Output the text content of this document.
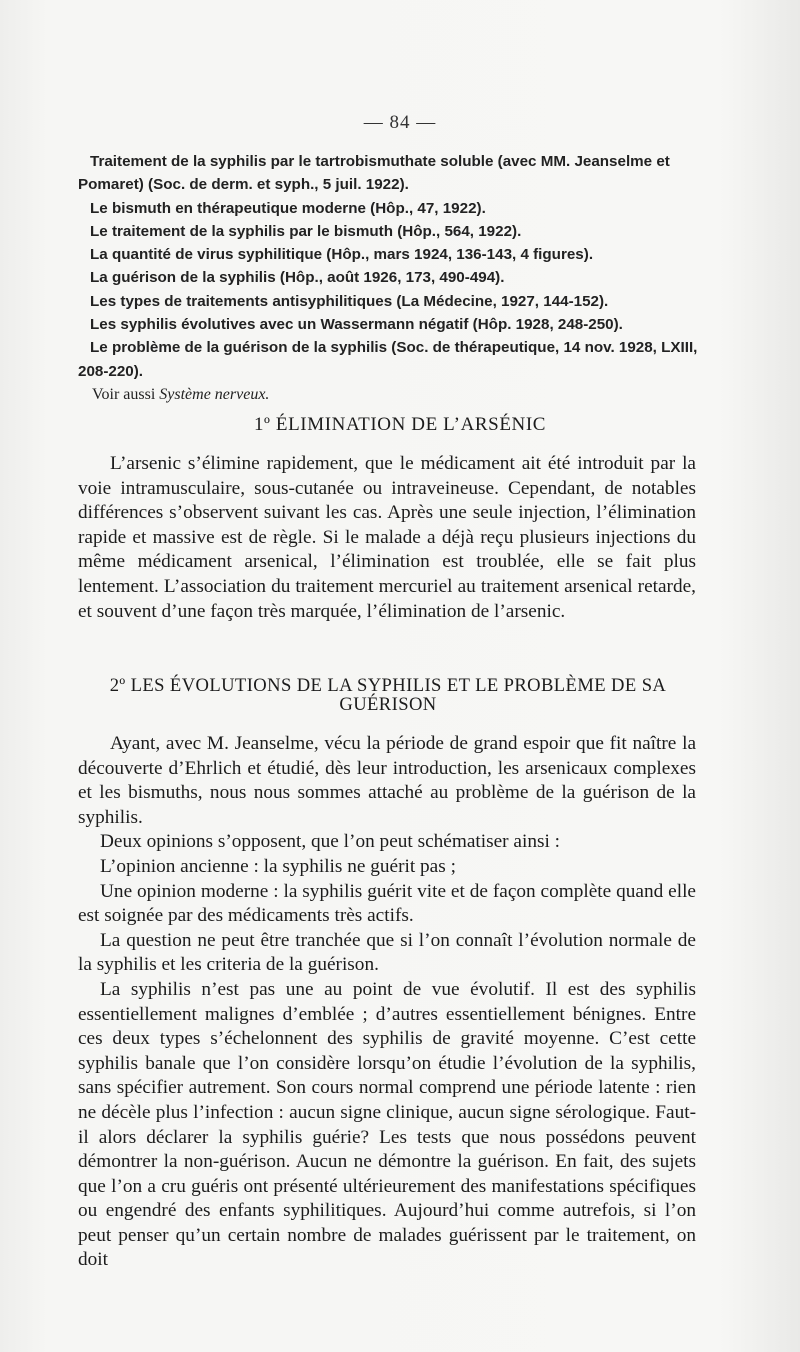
— 84 —

Traitement de la syphilis par le tartrobismuthate soluble (avec MM. Jeanselme et Pomaret) (Soc. de derm. et syph., 5 juil. 1922).

Le bismuth en thérapeutique moderne (Hôp., 47, 1922).

Le traitement de la syphilis par le bismuth (Hôp., 564, 1922).

La quantité de virus syphilitique (Hôp., mars 1924, 136-143, 4 figures).

La guérison de la syphilis (Hôp., août 1926, 173, 490-494).

Les types de traitements antisyphilitiques (La Médecine, 1927, 144-152).

Les syphilis évolutives avec un Wassermann négatif (Hôp. 1928, 248-250).

Le problème de la guérison de la syphilis (Soc. de thérapeutique, 14 nov. 1928, LXIII, 208-220).

Voir aussi Système nerveux.

1º ÉLIMINATION DE L’ARSÉNIC

L’arsenic s’élimine rapidement, que le médicament ait été introduit par la voie intramusculaire, sous-cutanée ou intraveineuse. Cependant, de notables différences s’observent suivant les cas. Après une seule injection, l’élimination rapide et massive est de règle. Si le malade a déjà reçu plusieurs injections du même médicament arsenical, l’élimination est troublée, elle se fait plus lentement. L’association du traitement mercuriel au traitement arsenical retarde, et souvent d’une façon très marquée, l’élimination de l’arsenic.

2º LES ÉVOLUTIONS DE LA SYPHILIS ET LE PROBLÈME DE SA GUÉRISON

Ayant, avec M. Jeanselme, vécu la période de grand espoir que fit naître la découverte d’Ehrlich et étudié, dès leur introduction, les arsenicaux complexes et les bismuths, nous nous sommes attaché au problème de la guérison de la syphilis.

Deux opinions s’opposent, que l’on peut schématiser ainsi :

L’opinion ancienne : la syphilis ne guérit pas ;

Une opinion moderne : la syphilis guérit vite et de façon complète quand elle est soignée par des médicaments très actifs.

La question ne peut être tranchée que si l’on connaît l’évolution normale de la syphilis et les criteria de la guérison.

La syphilis n’est pas une au point de vue évolutif. Il est des syphilis essentiellement malignes d’emblée ; d’autres essentiellement bénignes. Entre ces deux types s’échelonnent des syphilis de gravité moyenne. C’est cette syphilis banale que l’on considère lorsqu’on étudie l’évolution de la syphilis, sans spécifier autrement. Son cours normal comprend une période latente : rien ne décèle plus l’infection : aucun signe clinique, aucun signe sérologique. Faut-il alors déclarer la syphilis guérie? Les tests que nous possédons peuvent démontrer la non-guérison. Aucun ne démontre la guérison. En fait, des sujets que l’on a cru guéris ont présenté ultérieurement des manifestations spécifiques ou engendré des enfants syphilitiques. Aujourd’hui comme autrefois, si l’on peut penser qu’un certain nombre de malades guérissent par le traitement, on doit
